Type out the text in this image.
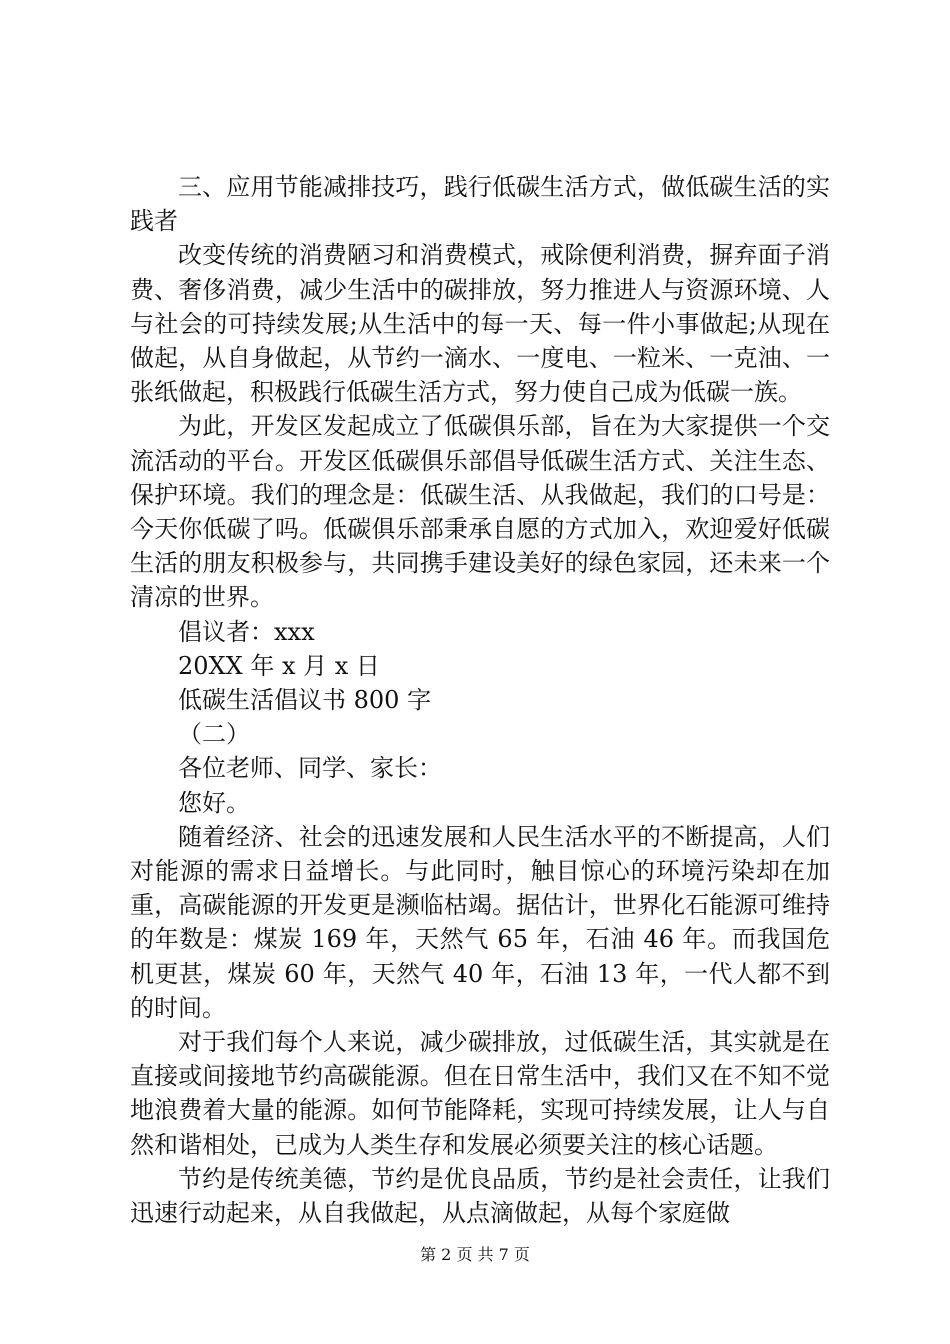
三、应用节能减排技巧，践行低碳生活方式，做低碳生活的实践者

改变传统的消费陋习和消费模式，戒除便利消费，摒弃面子消费、奢侈消费，减少生活中的碳排放，努力推进人与资源环境、人与社会的可持续发展;从生活中的每一天、每一件小事做起;从现在做起，从自身做起，从节约一滴水、一度电、一粒米、一克油、一张纸做起，积极践行低碳生活方式，努力使自己成为低碳一族。

为此，开发区发起成立了低碳俱乐部，旨在为大家提供一个交流活动的平台。开发区低碳俱乐部倡导低碳生活方式、关注生态、保护环境。我们的理念是：低碳生活、从我做起，我们的口号是：今天你低碳了吗。低碳俱乐部秉承自愿的方式加入，欢迎爱好低碳生活的朋友积极参与，共同携手建设美好的绿色家园，还未来一个清凉的世界。

倡议者：xxx

20XX 年 x 月 x 日

低碳生活倡议书 800 字

（二）

各位老师、同学、家长：

您好。

随着经济、社会的迅速发展和人民生活水平的不断提高，人们对能源的需求日益增长。与此同时，触目惊心的环境污染却在加重，高碳能源的开发更是濒临枯竭。据估计，世界化石能源可维持的年数是：煤炭 169 年，天然气 65 年，石油 46 年。而我国危机更甚，煤炭 60 年，天然气 40 年，石油 13 年，一代人都不到的时间。

对于我们每个人来说，减少碳排放，过低碳生活，其实就是在直接或间接地节约高碳能源。但在日常生活中，我们又在不知不觉地浪费着大量的能源。如何节能降耗，实现可持续发展，让人与自然和谐相处，已成为人类生存和发展必须要关注的核心话题。

节约是传统美德，节约是优良品质，节约是社会责任，让我们迅速行动起来，从自我做起，从点滴做起，从每个家庭做

第 2 页 共 7 页
